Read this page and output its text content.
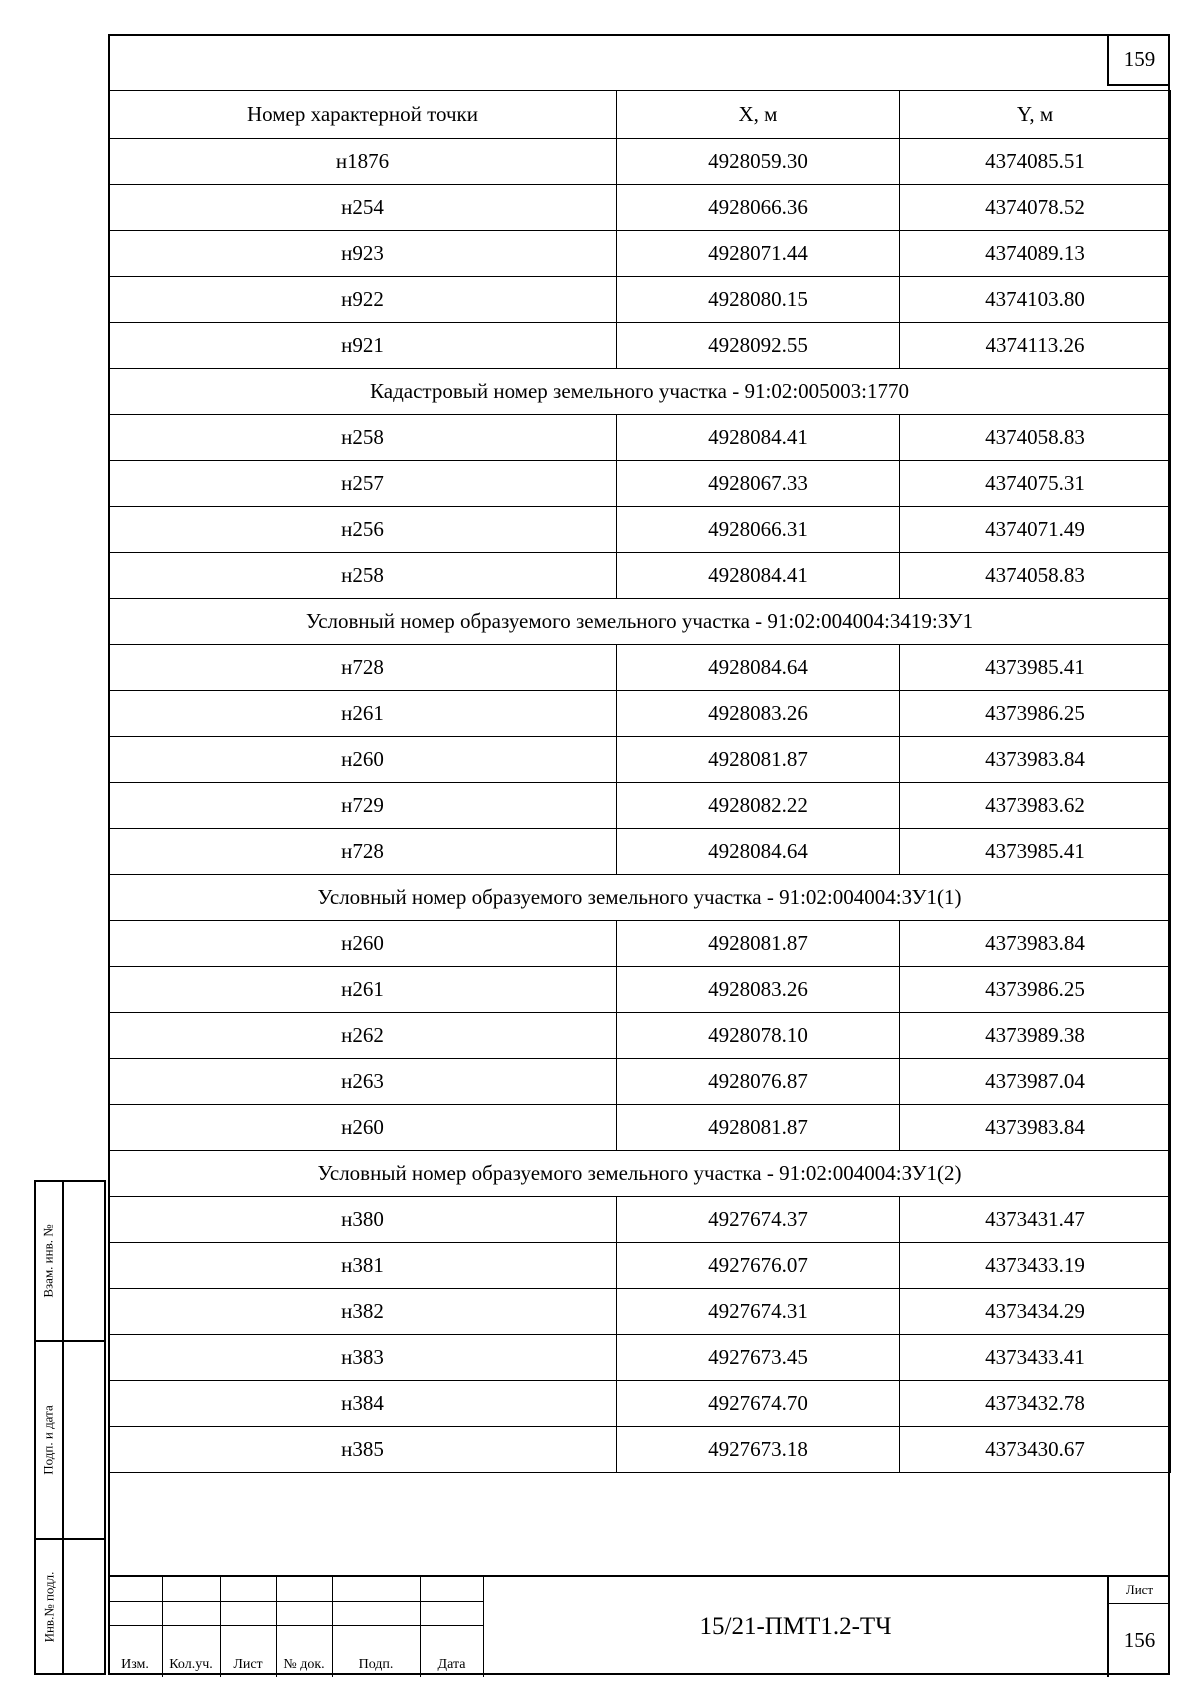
159
Номер характерной точки	X, м	Y, м
н1876	4928059.30	4374085.51
н254	4928066.36	4374078.52
н923	4928071.44	4374089.13
н922	4928080.15	4374103.80
н921	4928092.55	4374113.26
Кадастровый номер земельного участка - 91:02:005003:1770		
н258	4928084.41	4374058.83
н257	4928067.33	4374075.31
н256	4928066.31	4374071.49
н258	4928084.41	4374058.83
Условный номер образуемого земельного участка - 91:02:004004:3419:ЗУ1		
н728	4928084.64	4373985.41
н261	4928083.26	4373986.25
н260	4928081.87	4373983.84
н729	4928082.22	4373983.62
н728	4928084.64	4373985.41
Условный номер образуемого земельного участка - 91:02:004004:ЗУ1(1)		
н260	4928081.87	4373983.84
н261	4928083.26	4373986.25
н262	4928078.10	4373989.38
н263	4928076.87	4373987.04
н260	4928081.87	4373983.84
Условный номер образуемого земельного участка - 91:02:004004:ЗУ1(2)		
н380	4927674.37	4373431.47
н381	4927676.07	4373433.19
н382	4927674.31	4373434.29
н383	4927673.45	4373433.41
н384	4927674.70	4373432.78
н385	4927673.18	4373430.67
Взам. инв. №
Подп. и дата
Инв.№ подл.
Изм.	Кол.уч.	Лист	№ док.	Подп.	Дата
15/21-ПМТ1.2-ТЧ
Лист
156
